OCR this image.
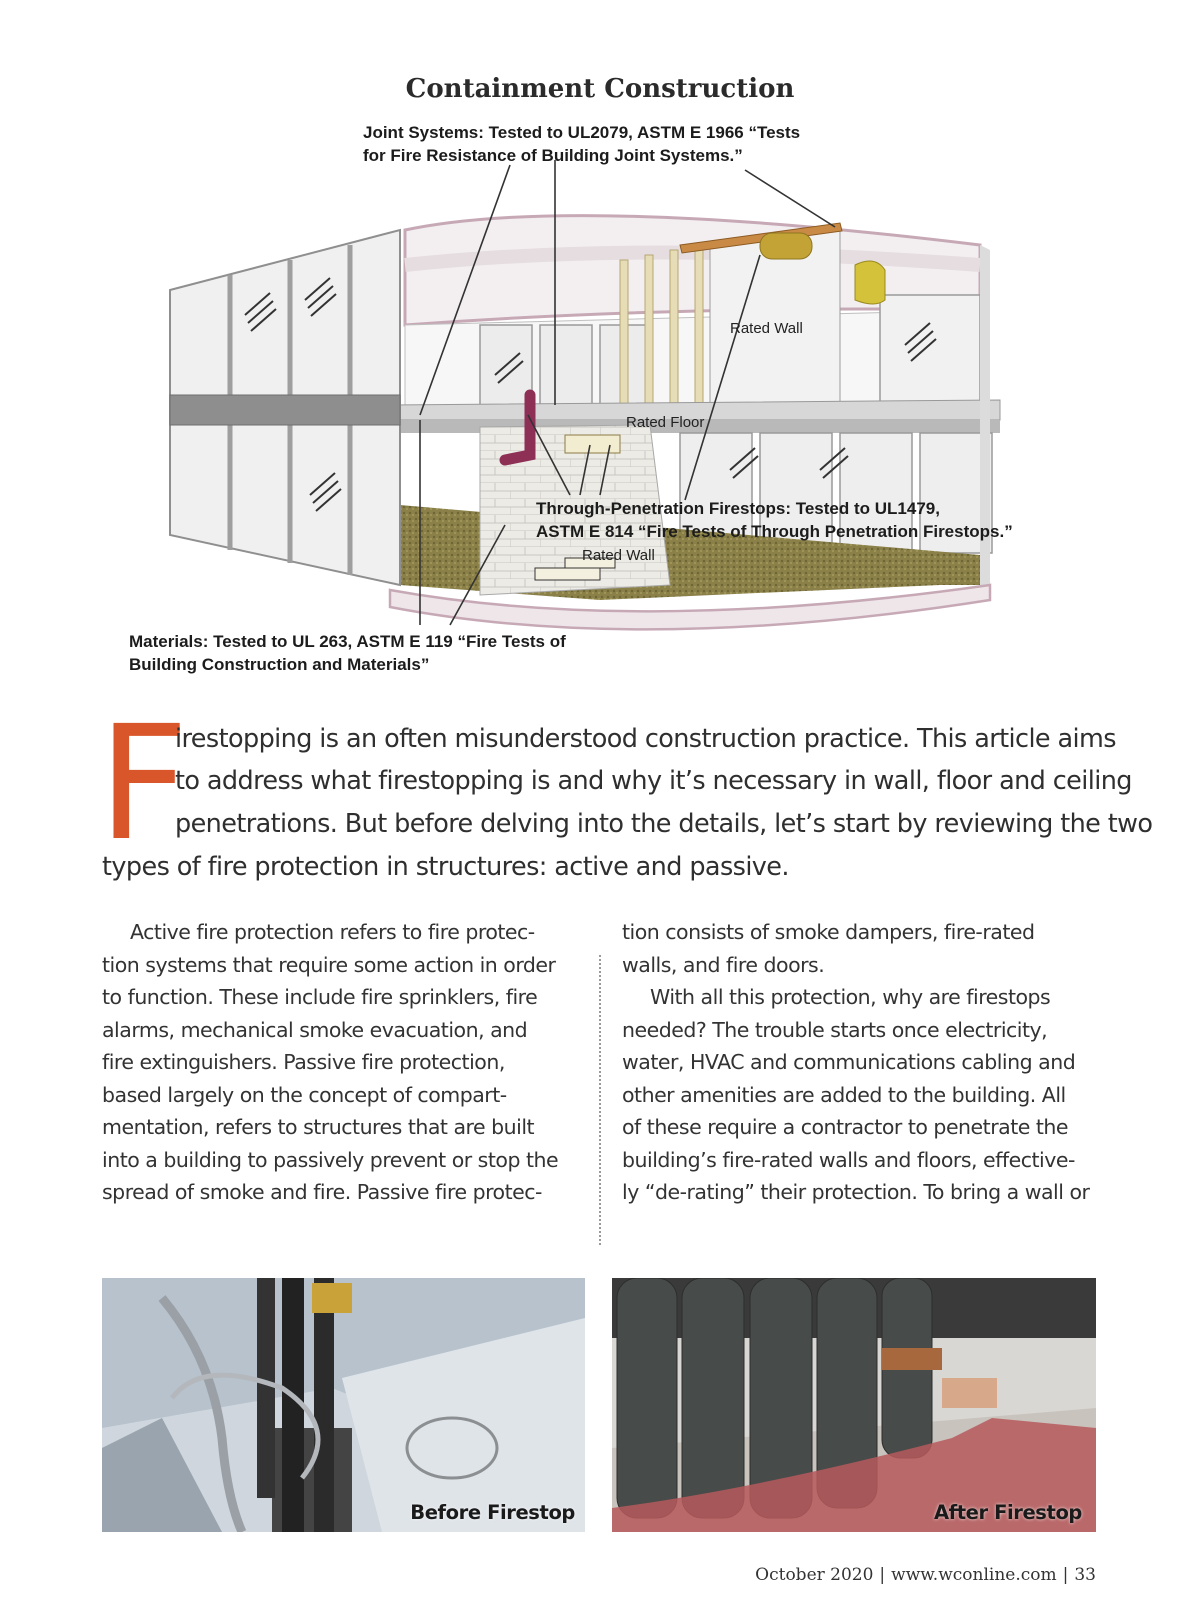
Containment Construction
Joint Systems: Tested to UL2079, ASTM E 1966 “Tests
for Fire Resistance of Building Joint Systems.”
Rated Wall
Rated Floor
Through-Penetration Firestops: Tested to UL1479,
ASTM E 814 “Fire Tests of Through Penetration Firestops.”
Rated Wall
Materials: Tested to UL 263, ASTM E 119 “Fire Tests of
Building Construction and Materials”
F
irestopping is an often misunderstood construction practice. This article aims
to address what firestopping is and why it’s necessary in wall, floor and ceiling
penetrations. But before delving into the details, let’s start by reviewing the two
types of fire protection in structures: active and passive.
Active fire protection refers to fire protec-
tion systems that require some action in order
to function. These include fire sprinklers, fire
alarms, mechanical smoke evacuation, and
fire extinguishers. Passive fire protection,
based largely on the concept of compart-
mentation, refers to structures that are built
into a building to passively prevent or stop the
spread of smoke and fire. Passive fire protec-
tion consists of smoke dampers, fire-rated
walls, and fire doors.
With all this protection, why are firestops
needed? The trouble starts once electricity,
water, HVAC and communications cabling and
other amenities are added to the building. All
of these require a contractor to penetrate the
building’s fire-rated walls and floors, effective-
ly “de-rating” their protection. To bring a wall or
Before Firestop	After Firestop
October 2020 | www.wconline.com | 33
